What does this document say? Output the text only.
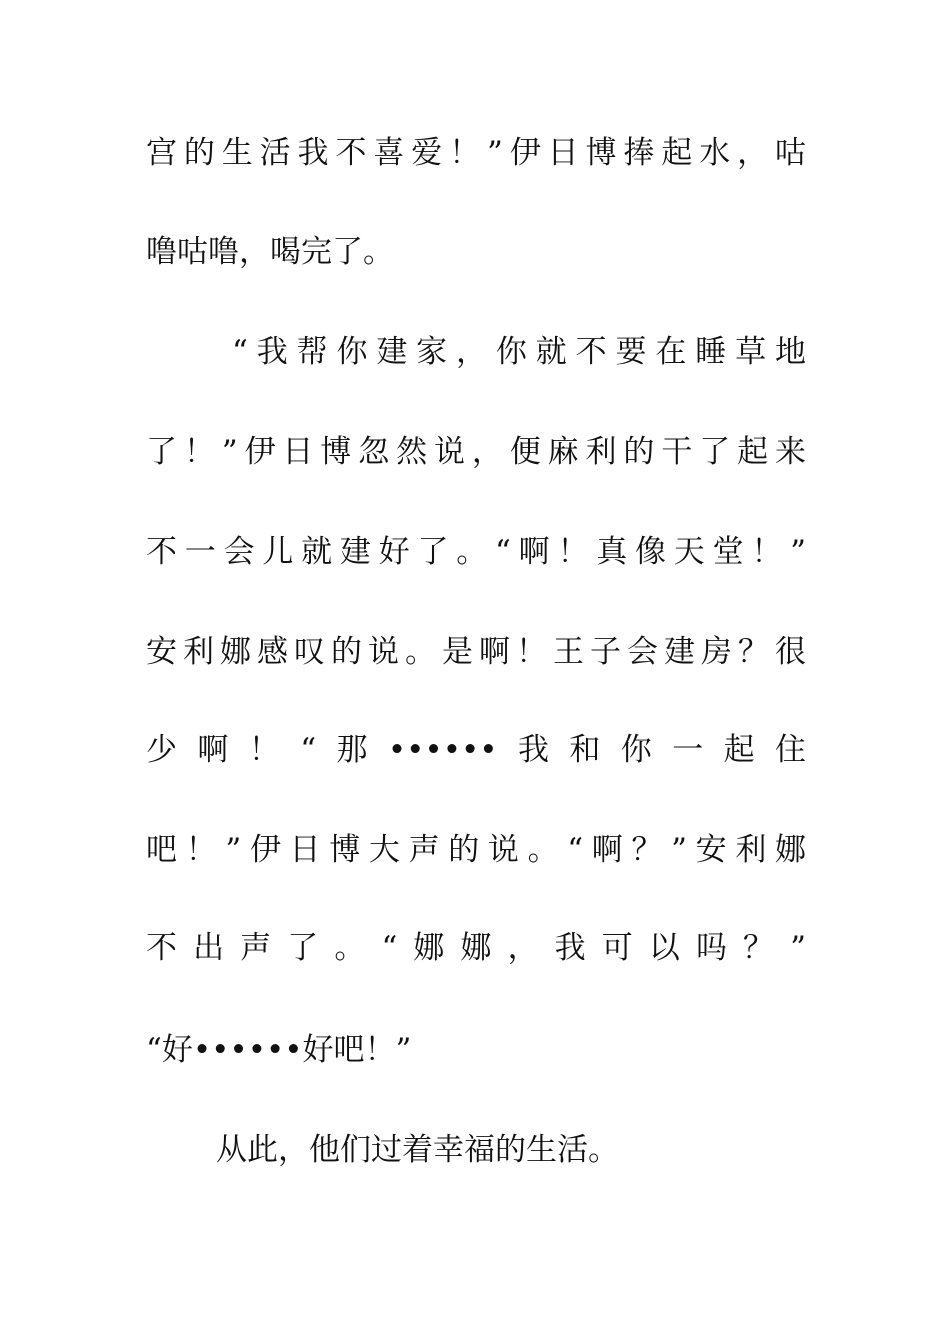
宫的生活我不喜爱！”伊日博捧起水，咕
噜咕噜，喝完了。
“我帮你建家，你就不要在睡草地
了！”伊日博忽然说，便麻利的干了起来
不一会儿就建好了。“啊！真像天堂！”
安利娜感叹的说。是啊！王子会建房？很
少啊！“那••••••我和你一起住
吧！”伊日博大声的说。“啊？”安利娜
不出声了。“娜娜，我可以吗？”
“好••••••好吧！”
从此，他们过着幸福的生活。
